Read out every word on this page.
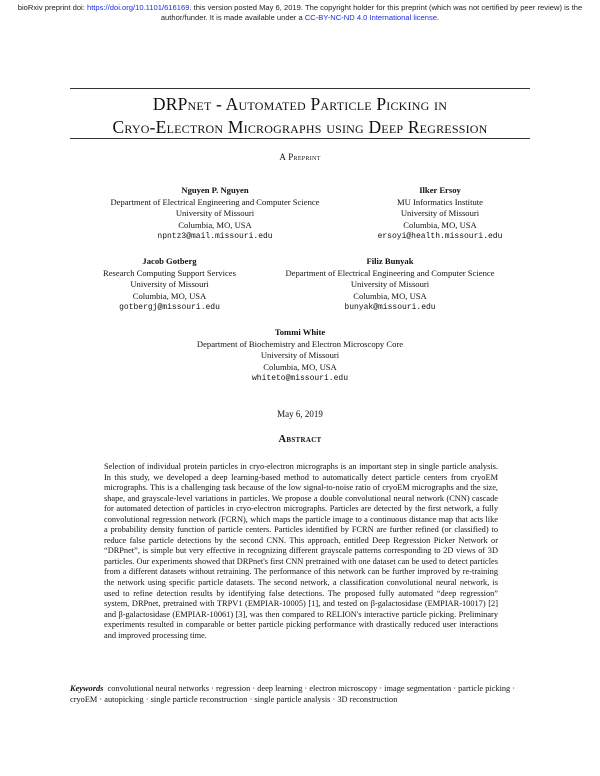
bioRxiv preprint doi: https://doi.org/10.1101/616169. this version posted May 6, 2019. The copyright holder for this preprint (which was not certified by peer review) is the author/funder. It is made available under a CC-BY-NC-ND 4.0 International license.
DRPnet - Automated Particle Picking in
Cryo-Electron Micrographs using Deep Regression
A Preprint
Nguyen P. Nguyen
Department of Electrical Engineering and Computer Science
University of Missouri
Columbia, MO, USA
npntz3@mail.missouri.edu
Ilker Ersoy
MU Informatics Institute
University of Missouri
Columbia, MO, USA
ersoyi@health.missouri.edu
Jacob Gotberg
Research Computing Support Services
University of Missouri
Columbia, MO, USA
gotbergj@missouri.edu
Filiz Bunyak
Department of Electrical Engineering and Computer Science
University of Missouri
Columbia, MO, USA
bunyak@missouri.edu
Tommi White
Department of Biochemistry and Electron Microscopy Core
University of Missouri
Columbia, MO, USA
whiteto@missouri.edu
May 6, 2019
Abstract
Selection of individual protein particles in cryo-electron micrographs is an important step in single particle analysis. In this study, we developed a deep learning-based method to automatically detect particle centers from cryoEM micrographs. This is a challenging task because of the low signal-to-noise ratio of cryoEM micrographs and the size, shape, and grayscale-level variations in particles. We propose a double convolutional neural network (CNN) cascade for automated detection of particles in cryo-electron micrographs. Particles are detected by the first network, a fully convolutional regression network (FCRN), which maps the particle image to a continuous distance map that acts like a probability density function of particle centers. Particles identified by FCRN are further refined (or classified) to reduce false particle detections by the second CNN. This approach, entitled Deep Regression Picker Network or “DRPnet”, is simple but very effective in recognizing different grayscale patterns corresponding to 2D views of 3D particles. Our experiments showed that DRPnet's first CNN pretrained with one dataset can be used to detect particles from a different datasets without retraining. The performance of this network can be further improved by re-training the network using specific particle datasets. The second network, a classification convolutional neural network, is used to refine detection results by identifying false detections. The proposed fully automated “deep regression” system, DRPnet, pretrained with TRPV1 (EMPIAR-10005) [1], and tested on β-galactosidase (EMPIAR-10017) [2] and β-galactosidase (EMPIAR-10061) [3], was then compared to RELION's interactive particle picking. Preliminary experiments resulted in comparable or better particle picking performance with drastically reduced user interactions and improved processing time.
Keywords convolutional neural networks · regression · deep learning · electron microscopy · image segmentation · particle picking · cryoEM · autopicking · single particle reconstruction · single particle analysis · 3D reconstruction
